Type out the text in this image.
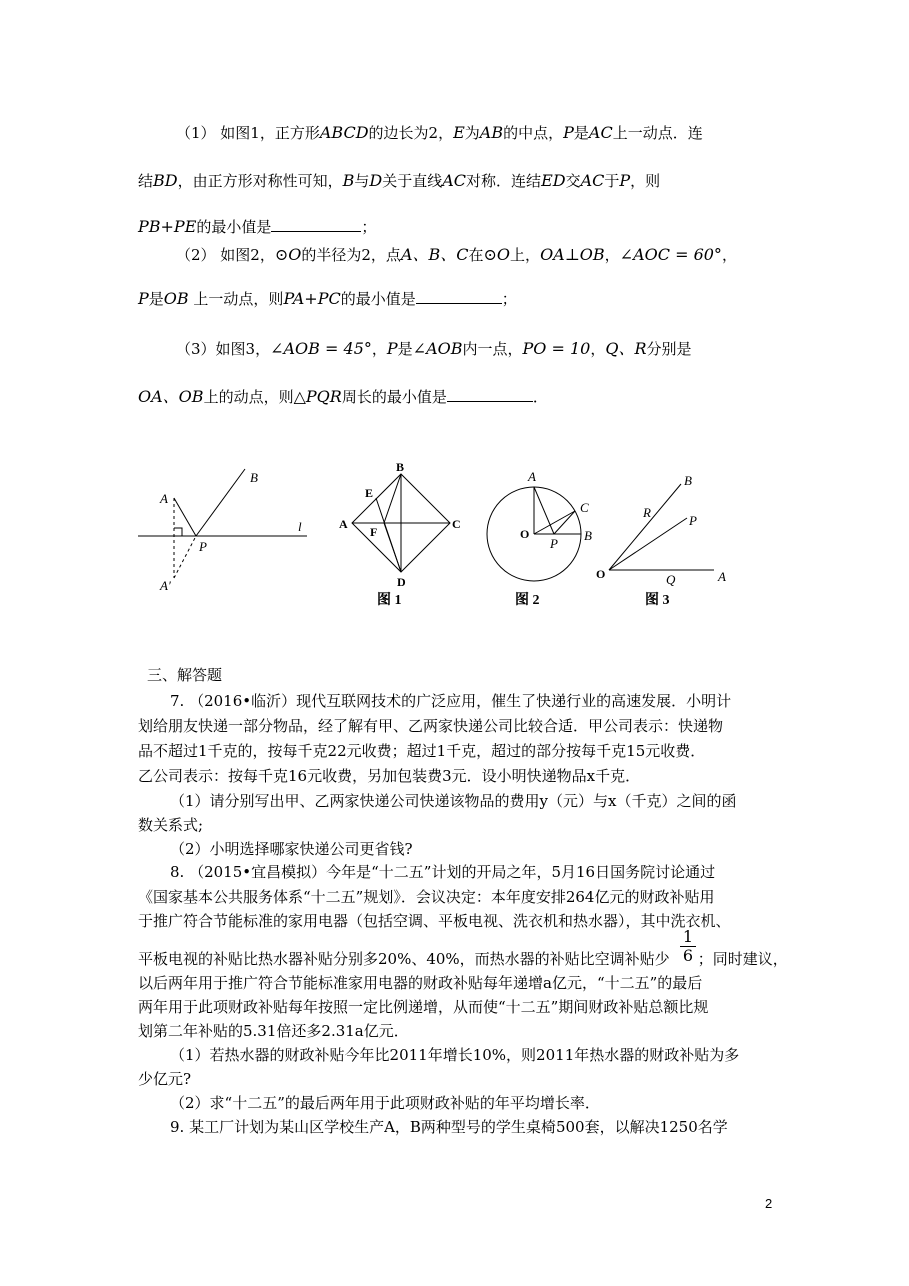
（1） 如图1，正方形ABCD的边长为2，E为AB的中点，P是AC上一动点．连
结BD，由正方形对称性可知，B与D关于直线AC对称．连结ED交AC于P，则
PB+PE的最小值是	；
（2） 如图2，⊙O的半径为2，点A、B、C在⊙O上，OA⊥OB，∠AOC = 60°，
P是OB 上一动点，则PA+PC的最小值是	；
（3）如图3，∠AOB = 45°，P是∠AOB内一点，PO = 10，Q、R分别是
OA、OB上的动点，则△PQR周长的最小值是	．
A
B
l
P
A′
A
C
B
P
B
R
P
Q	A
B
E
A
F
C
D
O
O
图 1	图 2	图 3
三、解答题
7. （2016•临沂）现代互联网技术的广泛应用，催生了快递行业的高速发展．小明计
划给朋友快递一部分物品，经了解有甲、乙两家快递公司比较合适．甲公司表示：快递物
品不超过1千克的，按每千克22元收费；超过1千克，超过的部分按每千克15元收费．
乙公司表示：按每千克16元收费，另加包装费3元．设小明快递物品x千克．
（1）请分别写出甲、乙两家快递公司快递该物品的费用y（元）与x（千克）之间的函
数关系式;
（2）小明选择哪家快递公司更省钱?
8. （2015•宜昌模拟）今年是“十二五”计划的开局之年，5月16日国务院讨论通过
《国家基本公共服务体系“十二五”规划》．会议决定：本年度安排264亿元的财政补贴用
于推广符合节能标准的家用电器（包括空调、平板电视、洗衣机和热水器），其中洗衣机、
1
6
平板电视的补贴比热水器补贴分别多20%、40%，而热水器的补贴比空调补贴少 ；同时建议，
以后两年用于推广符合节能标准家用电器的财政补贴每年递增a亿元，“十二五”的最后
两年用于此项财政补贴每年按照一定比例递增，从而使“十二五”期间财政补贴总额比规
划第二年补贴的5.31倍还多2.31a亿元．
（1）若热水器的财政补贴今年比2011年增长10%，则2011年热水器的财政补贴为多
少亿元?
（2）求“十二五”的最后两年用于此项财政补贴的年平均增长率．
9. 某工厂计划为某山区学校生产A，B两种型号的学生桌椅500套，以解决1250名学
2
